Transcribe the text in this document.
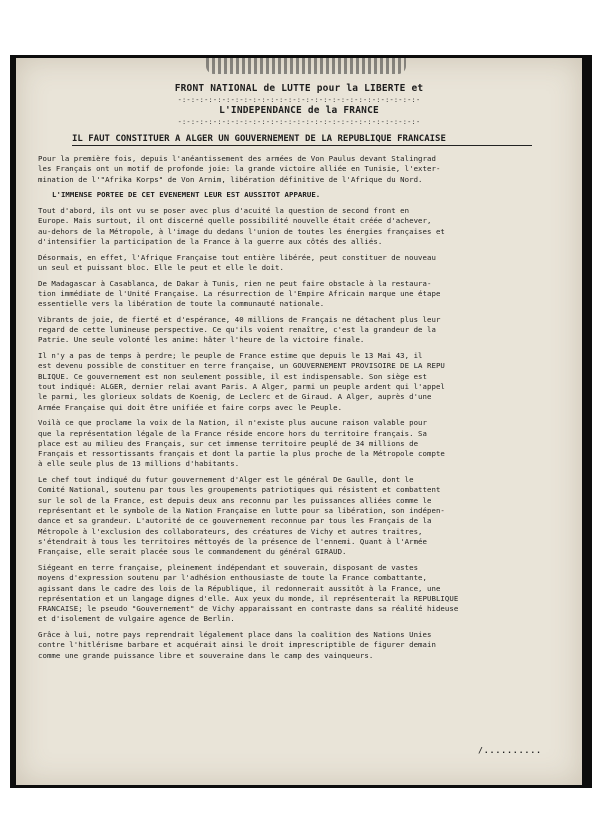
FRONT NATIONAL de LUTTE pour la LIBERTE et
-:-:-:-:-:-:-:-:-:-:-:-:-:-:-:-:-:-:-:-:-:-:-:-:-:-:-:-
L'INDEPENDANCE de la FRANCE
-:-:-:-:-:-:-:-:-:-:-:-:-:-:-:-:-:-:-:-:-:-:-:-:-:-:-:-
IL FAUT CONSTITUER A ALGER UN GOUVERNEMENT DE LA REPUBLIQUE FRANCAISE

Pour la première fois, depuis l'anéantissement des armées de Von Paulus devant Stalingrad
les Français ont un motif de profonde joie: la grande victoire alliée en Tunisie, l'exter-
mination de l'"Afrika Korps" de Von Arnim, libération définitive de l'Afrique du Nord.

L'IMMENSE PORTEE DE CET EVENEMENT LEUR EST AUSSITOT APPARUE.

Tout d'abord, ils ont vu se poser avec plus d'acuité la question de second front en
Europe. Mais surtout, il ont discerné quelle possibilité nouvelle était créée d'achever,
au-dehors de la Métropole, à l'image du dedans l'union de toutes les énergies françaises et
d'intensifier la participation de la France à la guerre aux côtés des alliés.

Désormais, en effet, l'Afrique Française tout entière libérée, peut constituer de nouveau
un seul et puissant bloc. Elle le peut et elle le doit.

De Madagascar à Casablanca, de Dakar à Tunis, rien ne peut faire obstacle à la restaura-
tion immédiate de l'Unité Française. La résurrection de l'Empire Africain marque une étape
essentielle vers la libération de toute la communauté nationale.

Vibrants de joie, de fierté et d'espérance, 40 millions de Français ne détachent plus leur
regard de cette lumineuse perspective. Ce qu'ils voient renaître, c'est la grandeur de la
Patrie. Une seule volonté les anime: hâter l'heure de la victoire finale.

Il n'y a pas de temps à perdre; le peuple de France estime que depuis le 13 Mai 43, il
est devenu possible de constituer en terre française, un GOUVERNEMENT PROVISOIRE DE LA REPU
BLIQUE. Ce gouvernement est non seulement possible, il est indispensable. Son siège est
tout indiqué: ALGER, dernier relai avant Paris. A Alger, parmi un peuple ardent qui l'appel
le parmi, les glorieux soldats de Koenig, de Leclerc et de Giraud. A Alger, auprès d'une
Armée Française qui doit être unifiée et faire corps avec le Peuple.

Voilà ce que proclame la voix de la Nation, il n'existe plus aucune raison valable pour
que la représentation légale de la France réside encore hors du territoire français. Sa
place est au milieu des Français, sur cet immense territoire peuplé de 34 millions de
Français et ressortissants français et dont la partie la plus proche de la Métropole compte
à elle seule plus de 13 millions d'habitants.

Le chef tout indiqué du futur gouvernement d'Alger est le général De Gaulle, dont le
Comité National, soutenu par tous les groupements patriotiques qui résistent et combattent
sur le sol de la France, est depuis deux ans reconnu par les puissances alliées comme le
représentant et le symbole de la Nation Française en lutte pour sa libération, son indépen-
dance et sa grandeur. L'autorité de ce gouvernement reconnue par tous les Français de la
Métropole à l'exclusion des collaborateurs, des créatures de Vichy et autres traitres,
s'étendrait à tous les territoires méttoyés de la présence de l'ennemi. Quant à l'Armée
Française, elle serait placée sous le commandement du général GIRAUD.

Siégeant en terre française, pleinement indépendant et souverain, disposant de vastes
moyens d'expression soutenu par l'adhésion enthousiaste de toute la France combattante,
agissant dans le cadre des lois de la République, il redonnerait aussitôt à la France, une
représentation et un langage dignes d'elle. Aux yeux du monde, il représenterait la REPUBLIQUE
FRANCAISE; le pseudo "Gouvernement" de Vichy apparaissant en contraste dans sa réalité hideuse
et d'isolement de vulgaire agence de Berlin.

Grâce à lui, notre pays reprendrait légalement place dans la coalition des Nations Unies
contre l'hitlérisme barbare et acquérait ainsi le droit imprescriptible de figurer demain
comme une grande puissance libre et souveraine dans le camp des vainqueurs.

/..........
